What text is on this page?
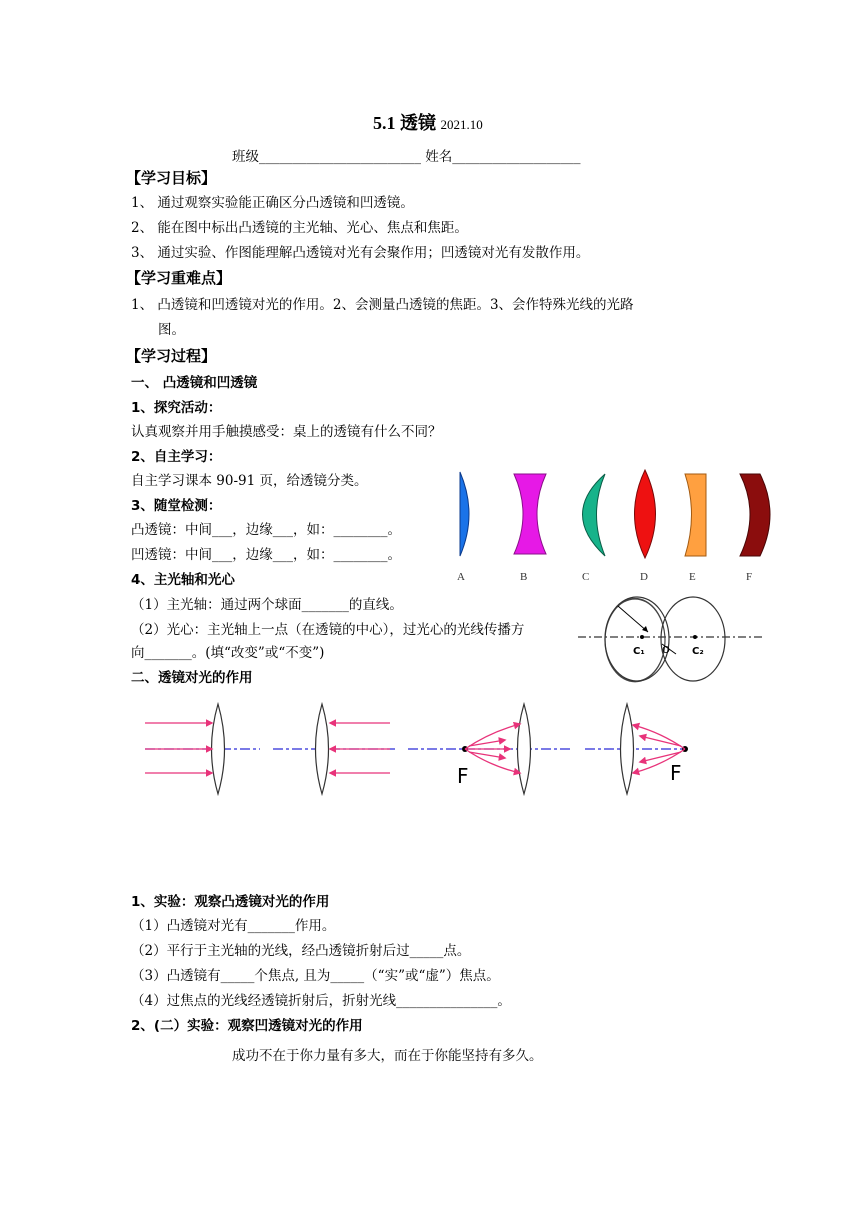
5.1 透镜 2021.10
班级________________________ 姓名___________________
【学习目标】
1、 通过观察实验能正确区分凸透镜和凹透镜。
2、 能在图中标出凸透镜的主光轴、光心、焦点和焦距。
3、 通过实验、作图能理解凸透镜对光有会聚作用；凹透镜对光有发散作用。
【学习重难点】
1、 凸透镜和凹透镜对光的作用。2、会测量凸透镜的焦距。3、会作特殊光线的光路
图。
【学习过程】
一、 凸透镜和凹透镜
1、探究活动：
认真观察并用手触摸感受：桌上的透镜有什么不同？
2、自主学习：
自主学习课本 90-91 页，给透镜分类。
3、随堂检测：
凸透镜：中间___，边缘___，如：________。
凹透镜：中间___，边缘___，如：________。
4、主光轴和光心
（1）主光轴：通过两个球面_______的直线。
（2）光心：主光轴上一点（在透镜的中心），过光心的光线传播方
向_______。(填“改变”或“不变”)
二、透镜对光的作用
A	B	C	D	E	F
C₁ O C₂
F	F
1、实验：观察凸透镜对光的作用
（1）凸透镜对光有_______作用。
（2）平行于主光轴的光线，经凸透镜折射后过_____点。
（3）凸透镜有_____个焦点, 且为_____（“实”或“虚”）焦点。
（4）过焦点的光线经透镜折射后，折射光线_______________。
2、(二）实验：观察凹透镜对光的作用
成功不在于你力量有多大，而在于你能坚持有多久。
